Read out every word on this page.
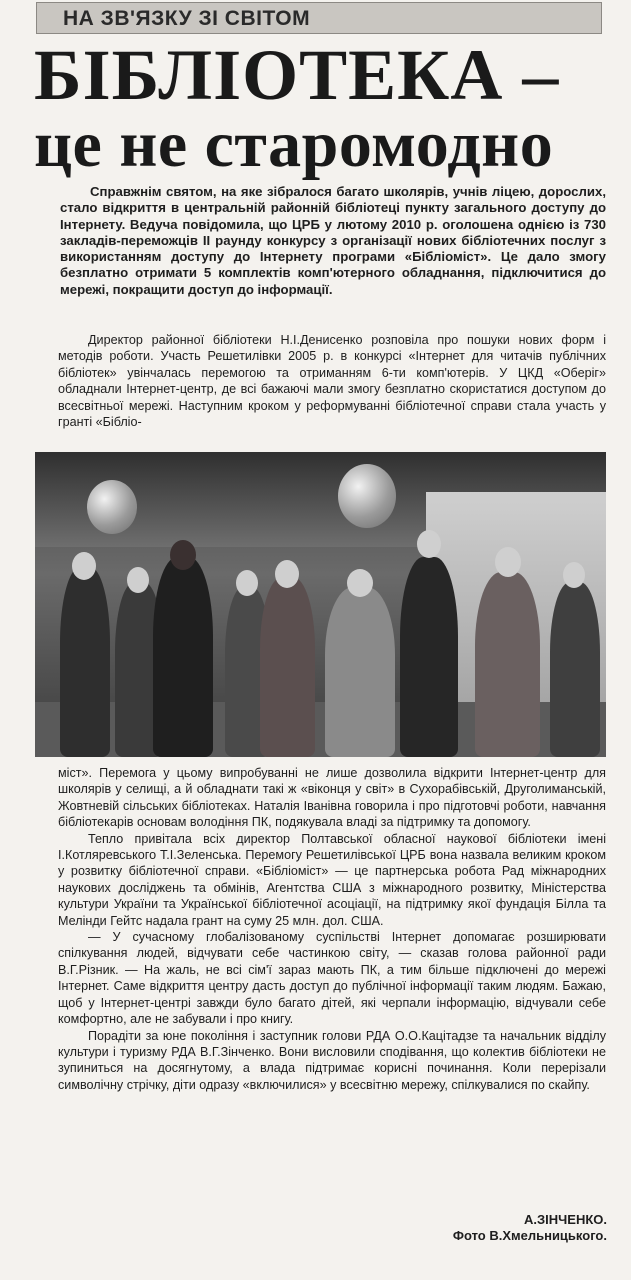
НА ЗВ'ЯЗКУ ЗІ СВІТОМ
БІБЛІОТЕКА –
це не старомодно

Справжнім святом, на яке зібралося багато школярів, учнів ліцею, дорослих, стало відкриття в центральній районній бібліотеці пункту загального доступу до Інтернету. Ведуча повідомила, що ЦРБ у лютому 2010 р. оголошена однією із 730 закладів-переможців II раунду конкурсу з організації нових бібліотечних послуг з використанням доступу до Інтернету програми «Бібліоміст». Це дало змогу безплатно отримати 5 комплектів комп'ютерного обладнання, підключитися до мережі, покращити доступ до інформації.

Директор районної бібліотеки Н.І.Денисенко розповіла про пошуки нових форм і методів роботи. Участь Решетилівки 2005 р. в конкурсі «Інтернет для читачів публічних бібліотек» увінчалась перемогою та отриманням 6-ти комп'ютерів. У ЦКД «Оберіг» обладнали Інтернет-центр, де всі бажаючі мали змогу безплатно скористатися доступом до всесвітньої мережі. Наступним кроком у реформуванні бібліотечної справи стала участь у гранті «Бібліо-

міст». Перемога у цьому випробуванні не лише дозволила відкрити Інтернет-центр для школярів у селищі, а й обладнати такі ж «віконця у світ» в Сухорабівській, Друголиманській, Жовтневій сільських бібліотеках. Наталія Іванівна говорила і про підготовчі роботи, навчання бібліотекарів основам володіння ПК, подякувала владі за підтримку та допомогу.

Тепло привітала всіх директор Полтавської обласної наукової бібліотеки імені І.Котляревського Т.І.Зеленська. Перемогу Решетилівської ЦРБ вона назвала великим кроком у розвитку бібліотечної справи. «Бібліоміст» — це партнерська робота Рад міжнародних наукових досліджень та обмінів, Агентства США з міжнародного розвитку, Міністерства культури України та Української бібліотечної асоціації, на підтримку якої фундація Білла та Мелінди Гейтс надала грант на суму 25 млн. дол. США.

— У сучасному глобалізованому суспільстві Інтернет допомагає розширювати спілкування людей, відчувати себе частинкою світу, — сказав голова районної ради В.Г.Різник. — На жаль, не всі сім'ї зараз мають ПК, а тим більше підключені до мережі Інтернет. Саме відкриття центру дасть доступ до публічної інформації таким людям. Бажаю, щоб у Інтернет-центрі завжди було багато дітей, які черпали інформацію, відчували себе комфортно, але не забували і про книгу.

Порадіти за юне покоління і заступник голови РДА О.О.Кацітадзе та начальник відділу культури і туризму РДА В.Г.Зінченко. Вони висловили сподівання, що колектив бібліотеки не зупиниться на досягнутому, а влада підтримає корисні починання. Коли перерізали символічну стрічку, діти одразу «включилися» у всесвітню мережу, спілкувалися по скайпу.

А.ЗІНЧЕНКО.
Фото В.Хмельницького.
